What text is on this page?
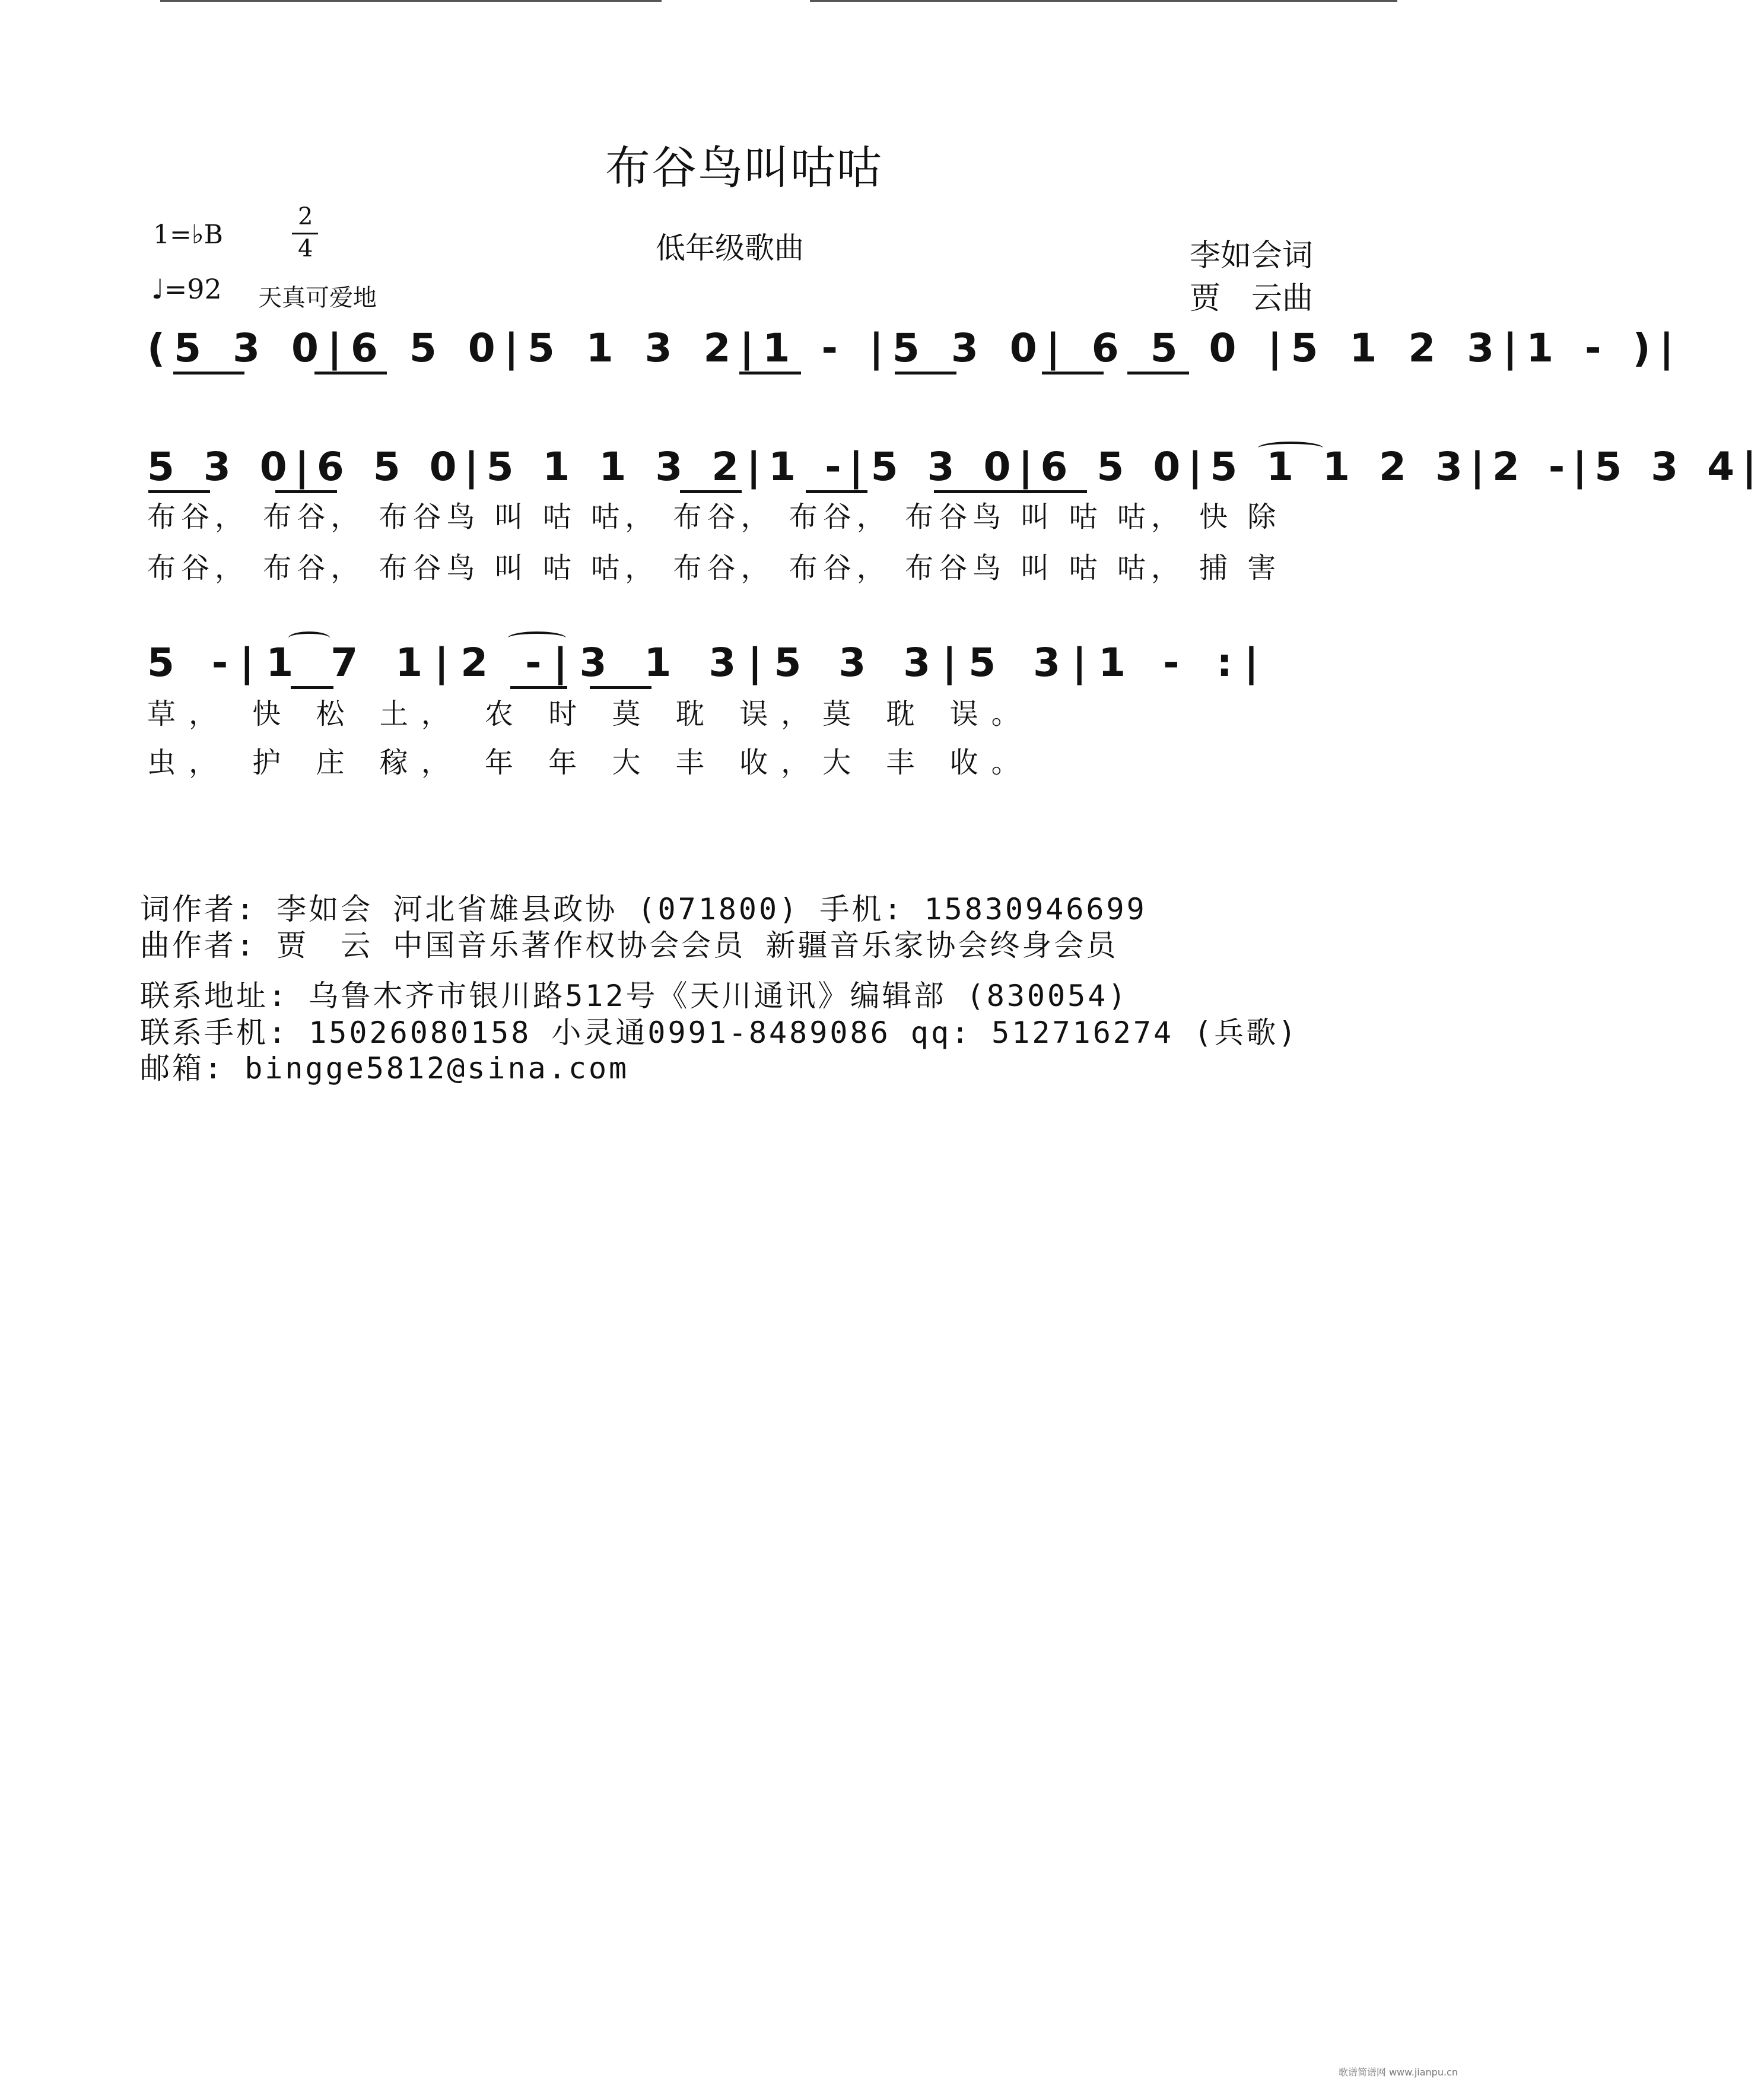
布谷鸟叫咕咕
1=♭B
2
4
♩=92 天真可爱地
低年级歌曲	李如会词
贾　云曲
(5 3 0|6 5 0|5 1 3 2|1 - |5 3 0| 6 5 0 |5 1 2 3|1 - )|
5 3 0|6 5 0|5 1 1 3 2|1 -|5 3 0|6 5 0|5 1 1 2 3|2 -|5 3 4|
布谷， 布谷， 布谷鸟 叫 咕 咕， 布谷， 布谷， 布谷鸟 叫 咕 咕， 快 除
布谷， 布谷， 布谷鸟 叫 咕 咕， 布谷， 布谷， 布谷鸟 叫 咕 咕， 捕 害
5 -|1 7 1|2 -|3 1 3|5 3 3|5 3|1 - :|
草， 快 松 土， 农 时 莫 耽 误，莫 耽 误。
虫， 护 庄 稼， 年 年 大 丰 收，大 丰 收。
词作者: 李如会 河北省雄县政协 (071800) 手机: 15830946699
曲作者: 贾　云 中国音乐著作权协会会员 新疆音乐家协会终身会员
联系地址: 乌鲁木齐市银川路512号《天川通讯》编辑部 (830054)
联系手机: 15026080158 小灵通0991-8489086 qq: 512716274 (兵歌)
邮箱: bingge5812@sina.com
歌谱简谱网 www.jianpu.cn
